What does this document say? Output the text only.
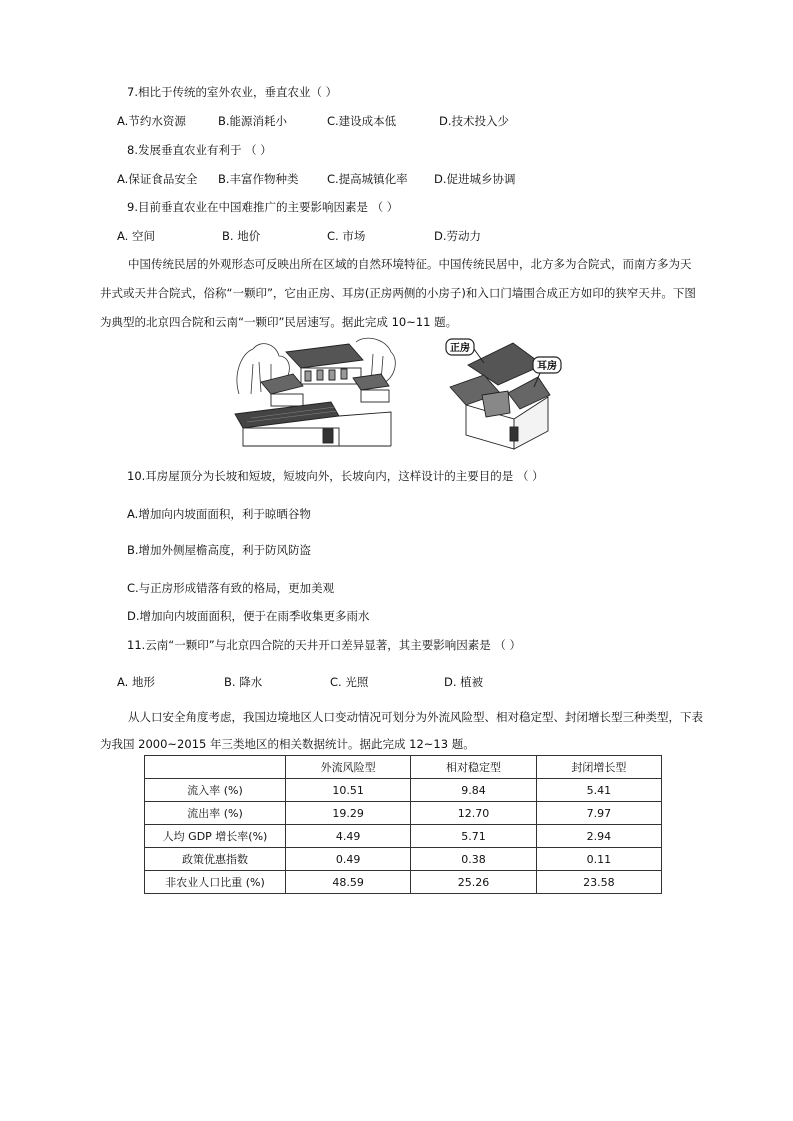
7.相比于传统的室外农业，垂直农业（ ）
A.节约水资源	B.能源消耗小	C.建设成本低	D.技术投入少
8.发展垂直农业有利于 （ ）
A.保证食品安全 B.丰富作物种类 C.提高城镇化率 D.促进城乡协调
9.目前垂直农业在中国难推广的主要影响因素是 （ ）
A. 空间	B. 地价	C. 市场	D.劳动力
中国传统民居的外观形态可反映出所在区域的自然环境特征。中国传统民居中，北方多为合院式，而南方多为天井式或天井合院式，俗称“一颗印”，它由正房、耳房(正房两侧的小房子)和入口门墙围合成正方如印的狭窄天井。下图为典型的北京四合院和云南“一颗印”民居速写。据此完成 10~11 题。
正房
耳房
10.耳房屋顶分为长坡和短坡，短坡向外，长坡向内，这样设计的主要目的是 （ ）
A.增加向内坡面面积，利于晾晒谷物
B.增加外侧屋檐高度，利于防风防盗
C.与正房形成错落有致的格局，更加美观
D.增加向内坡面面积，便于在雨季收集更多雨水
11.云南“一颗印”与北京四合院的天井开口差异显著，其主要影响因素是 （ ）
A. 地形	B. 降水	C. 光照	D. 植被
从人口安全角度考虑，我国边境地区人口变动情况可划分为外流风险型、相对稳定型、封闭增长型三种类型，下表为我国 2000~2015 年三类地区的相关数据统计。据此完成 12~13 题。
	外流风险型	相对稳定型	封闭增长型
流入率 (%)	10.51	9.84	5.41
流出率 (%)	19.29	12.70	7.97
人均 GDP 增长率(%)	4.49	5.71	2.94
政策优惠指数	0.49	0.38	0.11
非农业人口比重 (%)	48.59	25.26	23.58
